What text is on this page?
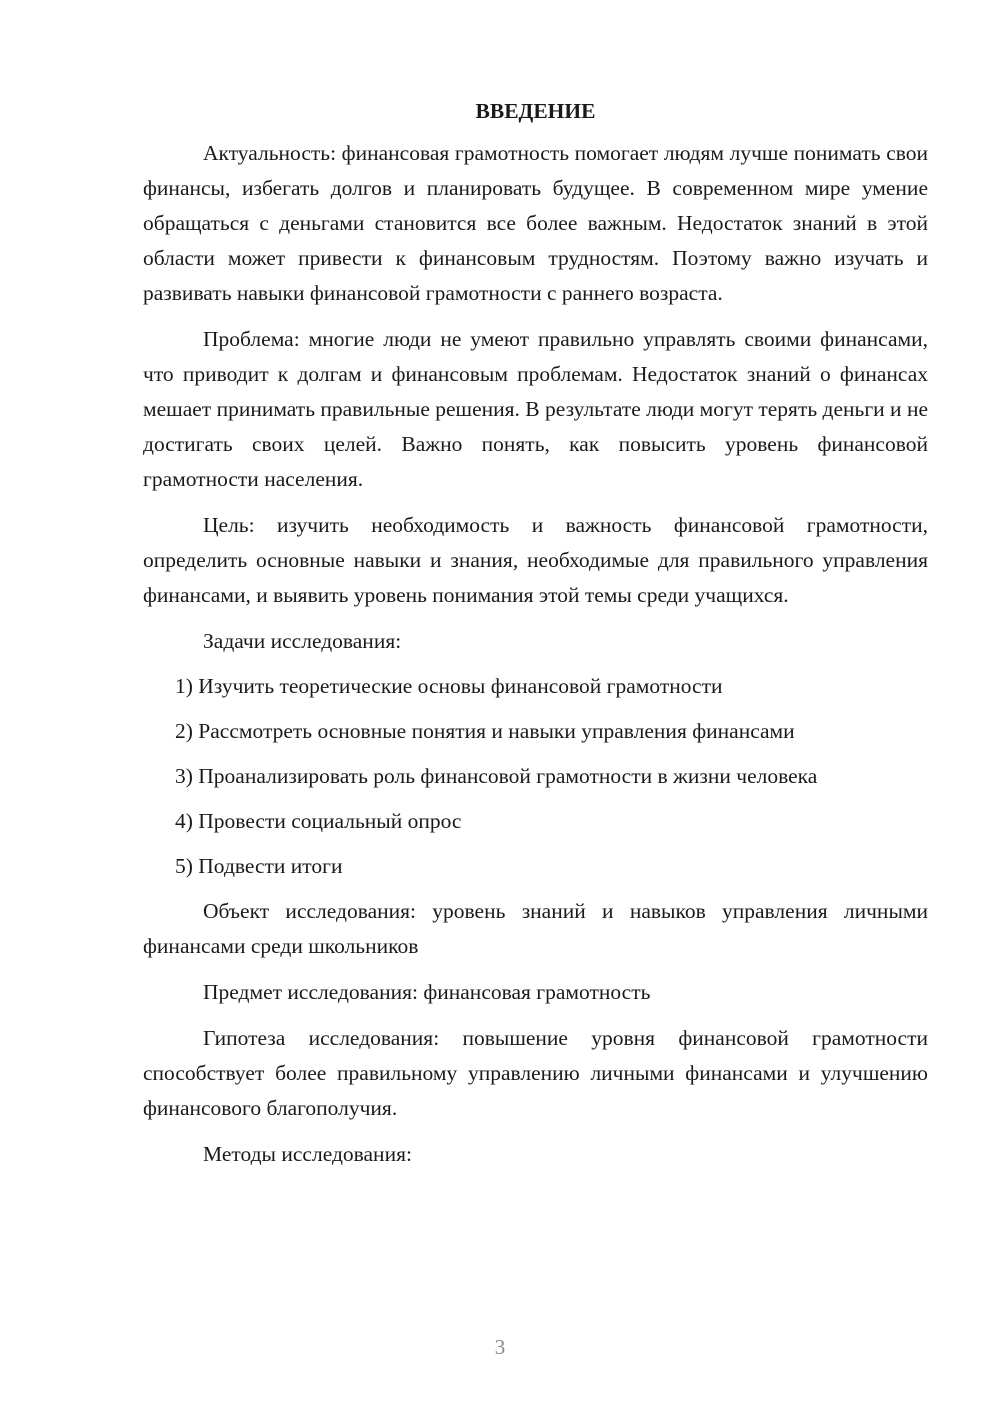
ВВЕДЕНИЕ

Актуальность: финансовая грамотность помогает людям лучше понимать свои финансы, избегать долгов и планировать будущее. В современном мире умение обращаться с деньгами становится все более важным. Недостаток знаний в этой области может привести к финансовым трудностям. Поэтому важно изучать и развивать навыки финансовой грамотности с раннего возраста.

Проблема: многие люди не умеют правильно управлять своими финансами, что приводит к долгам и финансовым проблемам. Недостаток знаний о финансах мешает принимать правильные решения. В результате люди могут терять деньги и не достигать своих целей. Важно понять, как повысить уровень финансовой грамотности населения.

Цель: изучить необходимость и важность финансовой грамотности, определить основные навыки и знания, необходимые для правильного управления финансами, и выявить уровень понимания этой темы среди учащихся.

Задачи исследования:

1) Изучить теоретические основы финансовой грамотности

2) Рассмотреть основные понятия и навыки управления финансами

3) Проанализировать роль финансовой грамотности в жизни человека

4) Провести социальный опрос

5) Подвести итоги

Объект исследования: уровень знаний и навыков управления личными финансами среди школьников

Предмет исследования: финансовая грамотность

Гипотеза исследования: повышение уровня финансовой грамотности способствует более правильному управлению личными финансами и улучшению финансового благополучия.

Методы исследования:

3
